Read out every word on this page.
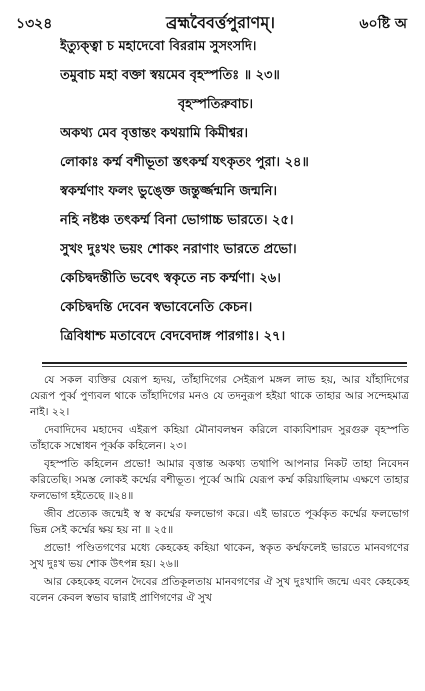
১৩২৪	ব্রহ্মবৈবর্ত্তপুরাণম্।	৬০ষ্টি অ
ইত্যুক্ত্বা চ মহাদেবো বিররাম সুসংসদি।
তমুবাচ মহা বক্তা স্বয়মেব বৃহস্পতিঃ ॥ ২৩॥
বৃহস্পতিরুবাচ।
অকথ্য মেব বৃত্তান্তং কথয়ামি কিমীশ্বর।
লোকাঃ কর্ম্ম বশীভূতা স্তৎকর্ম্ম যৎকৃতং পুরা। ২৪॥
স্বকর্ম্মণাং ফলং ভুঙ্ক্তে জন্তুর্জ্জন্মনি জন্মনি।
নহি নষ্টঞ্চ তৎকর্ম্ম বিনা ভোগাচ্চ ভারতে। ২৫।
সুখং দুঃখং ভয়ং শোকং নরাণাং ভারতে প্রভো।
কেচিদ্বদন্তীতি ভবেৎ স্বকৃতে নচ কর্ম্মণা। ২৬।
কেচিদ্বদন্তি দেবেন স্বভাবেনেতি কেচন।
ত্রিবিধাশ্চ মতাবেদে বেদবেদাঙ্গ পারগাঃ। ২৭।

যে সকল ব্যক্তির যেরূপ হৃদয়, তাঁহাদিগের সেইরূপ মঙ্গল লাভ হয়, আর যাঁহাদিগের যেরূপ পুর্ব্ব পুণ্যবল থাকে তাঁহাদিগের মনও যে তদনুরূপ হইয়া থাকে তাহার আর সন্দেহমাত্র নাই। ২২।

দেবাদিদেব মহাদেব এইরূপ কহিয়া মৌনাবলম্বন করিলে বাক্যবিশারদ সুরগুরু বৃহস্পতি তাঁহাকে সম্বোধন পূর্ব্বক কহিলেন। ২৩।

বৃহস্পতি কহিলেন প্রভো! আমার বৃত্তান্ত অকথ্য তথাপি আপনার নিকট তাহা নিবেদন করিতেছি। সমস্ত লোকই কর্ম্মের বশীভূত। পূর্ব্বে আমি যেরূপ কর্ম্ম করিয়াছিলাম এক্ষণে তাহার ফলভোগ হইতেছে ॥২৪॥

জীব প্রত্যেক জন্মেই স্ব স্ব কর্ম্মের ফলভোগ করে। এই ভারতে পূর্ব্বকৃত কর্ম্মের ফলভোগ ভিন্ন সেই কর্ম্মের ক্ষয় হয় না ॥ ২৫॥

প্রভো! পণ্ডিতগণের মধ্যে কেহকেহ কহিয়া থাকেন, স্বকৃত কর্ম্মফলেই ভারতে মানবগণের সুখ দুঃখ ভয় শোক উৎপন্ন হয়। ২৬॥

আর কেহকেহ বলেন দৈবের প্রতিকূলতায় মানবগণের ঐ সুখ দুঃখাদি জন্মে এবং কেহকেহ বলেন কেবল স্বভাব দ্বারাই প্রাণিগণের ঐ সুখ
